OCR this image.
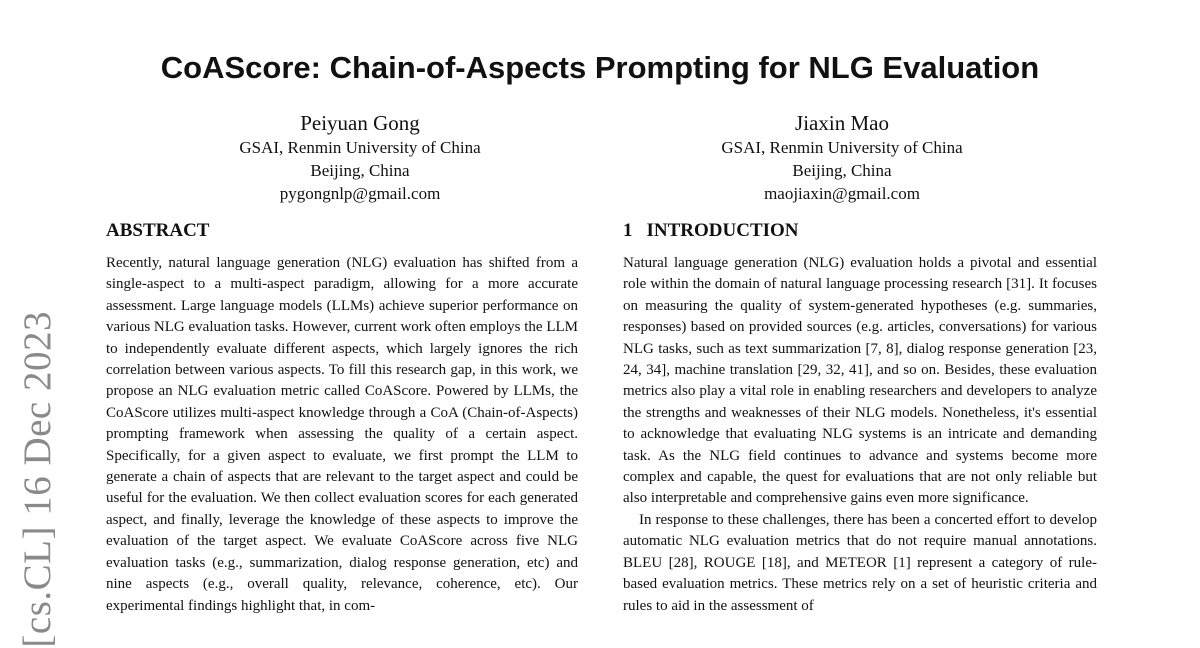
[cs.CL] 16 Dec 2023
CoAScore: Chain-of-Aspects Prompting for NLG Evaluation
Peiyuan Gong
GSAI, Renmin University of China
Beijing, China
pygongnlp@gmail.com
Jiaxin Mao
GSAI, Renmin University of China
Beijing, China
maojiaxin@gmail.com
ABSTRACT

Recently, natural language generation (NLG) evaluation has shifted from a single-aspect to a multi-aspect paradigm, allowing for a more accurate assessment. Large language models (LLMs) achieve superior performance on various NLG evaluation tasks. However, current work often employs the LLM to independently evaluate different aspects, which largely ignores the rich correlation between various aspects. To fill this research gap, in this work, we propose an NLG evaluation metric called CoAScore. Powered by LLMs, the CoAScore utilizes multi-aspect knowledge through a CoA (Chain-of-Aspects) prompting framework when assessing the quality of a certain aspect. Specifically, for a given aspect to evaluate, we first prompt the LLM to generate a chain of aspects that are relevant to the target aspect and could be useful for the evaluation. We then collect evaluation scores for each generated aspect, and finally, leverage the knowledge of these aspects to improve the evaluation of the target aspect. We evaluate CoAScore across five NLG evaluation tasks (e.g., summarization, dialog response generation, etc) and nine aspects (e.g., overall quality, relevance, coherence, etc). Our experimental findings highlight that, in com-

1 INTRODUCTION

Natural language generation (NLG) evaluation holds a pivotal and essential role within the domain of natural language processing research [31]. It focuses on measuring the quality of system-generated hypotheses (e.g. summaries, responses) based on provided sources (e.g. articles, conversations) for various NLG tasks, such as text summarization [7, 8], dialog response generation [23, 24, 34], machine translation [29, 32, 41], and so on. Besides, these evaluation metrics also play a vital role in enabling researchers and developers to analyze the strengths and weaknesses of their NLG models. Nonetheless, it's essential to acknowledge that evaluating NLG systems is an intricate and demanding task. As the NLG field continues to advance and systems become more complex and capable, the quest for evaluations that are not only reliable but also interpretable and comprehensive gains even more significance.

In response to these challenges, there has been a concerted effort to develop automatic NLG evaluation metrics that do not require manual annotations. BLEU [28], ROUGE [18], and METEOR [1] represent a category of rule-based evaluation metrics. These metrics rely on a set of heuristic criteria and rules to aid in the assessment of
